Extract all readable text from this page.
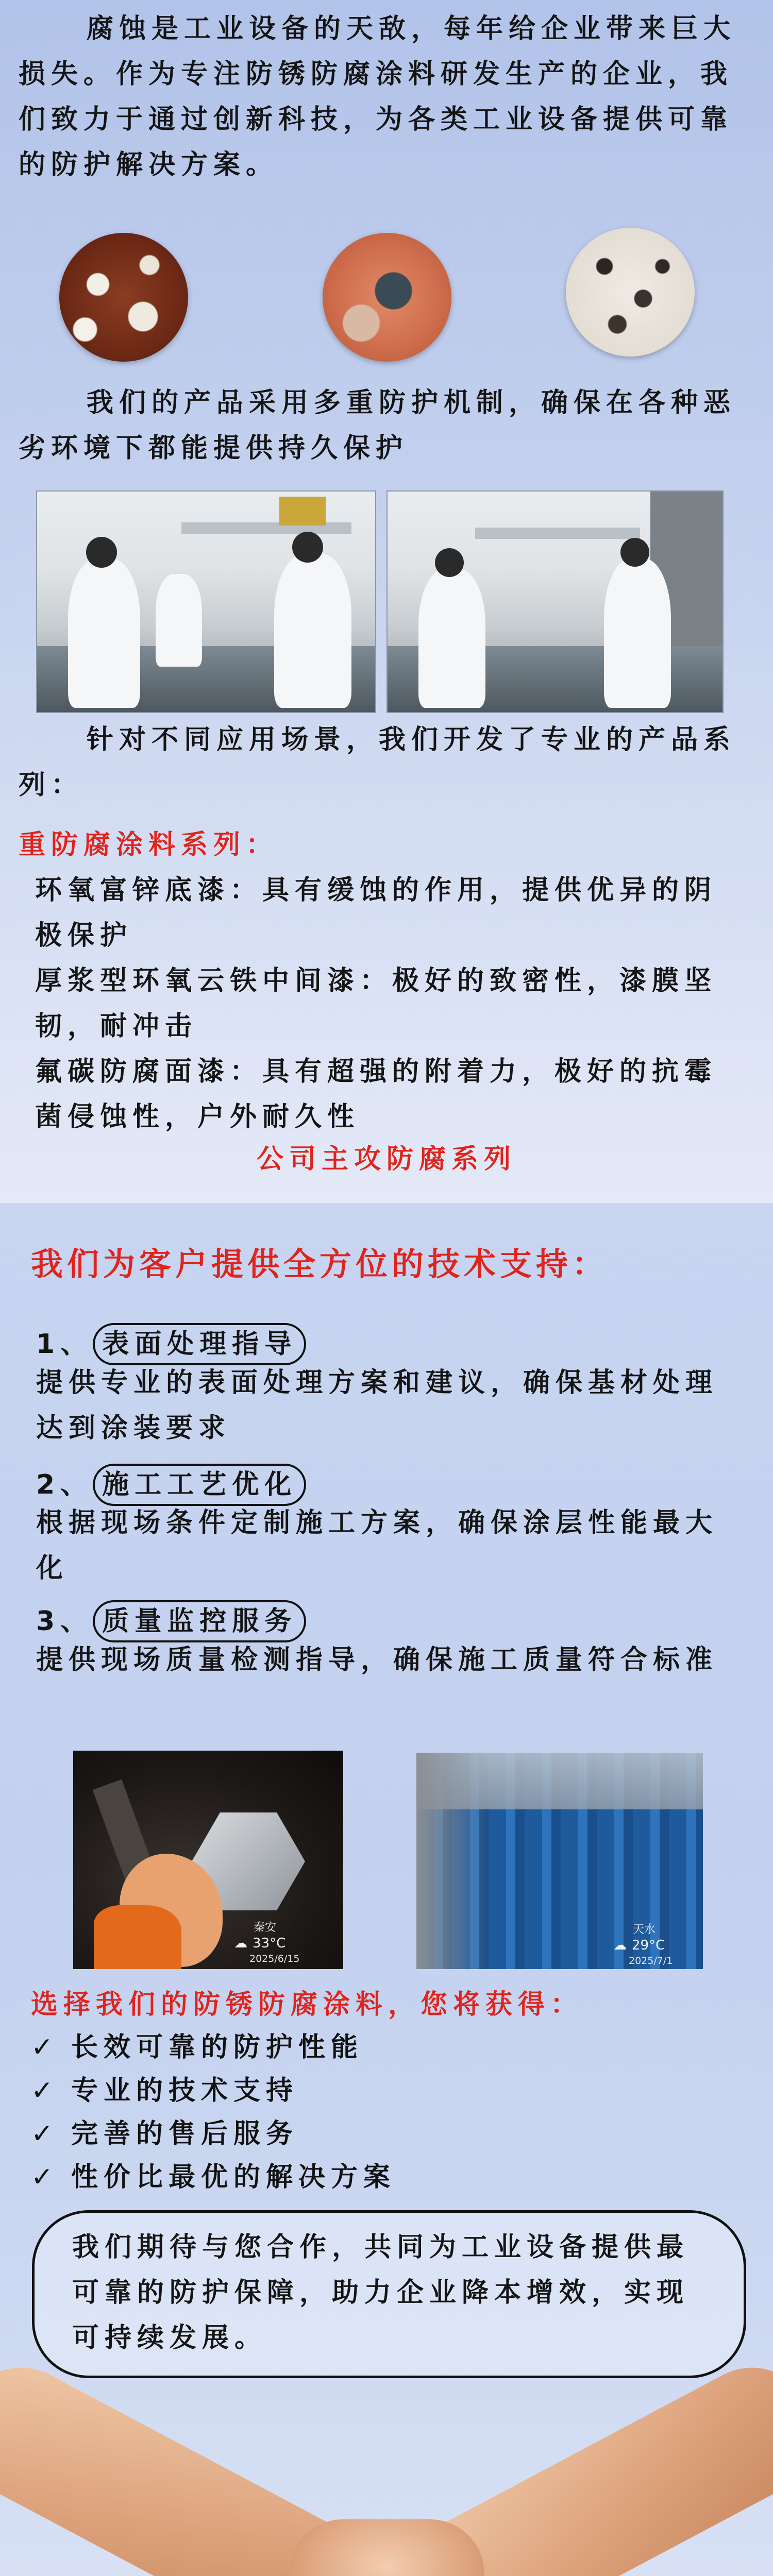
腐蚀是工业设备的天敌，每年给企业带来巨大损失。作为专注防锈防腐涂料研发生产的企业，我们致力于通过创新科技，为各类工业设备提供可靠的防护解决方案。

我们的产品采用多重防护机制，确保在各种恶劣环境下都能提供持久保护

针对不同应用场景，我们开发了专业的产品系列：

重防腐涂料系列：

环氧富锌底漆：具有缓蚀的作用，提供优异的阴极保护

厚浆型环氧云铁中间漆：极好的致密性，漆膜坚韧，耐冲击

氟碳防腐面漆：具有超强的附着力，极好的抗霉菌侵蚀性，户外耐久性

公司主攻防腐系列

我们为客户提供全方位的技术支持：

1、 表面处理指导

提供专业的表面处理方案和建议，确保基材处理达到涂装要求

2、 施工工艺优化

根据现场条件定制施工方案，确保涂层性能最大化

3、 质量监控服务

提供现场质量检测指导，确保施工质量符合标准

秦安
☁ 33°C
2025/6/15
天水
☁ 29°C
2025/7/1

选择我们的防锈防腐涂料，您将获得：

✓ 长效可靠的防护性能
✓ 专业的技术支持
✓ 完善的售后服务
✓ 性价比最优的解决方案

我们期待与您合作，共同为工业设备提供最可靠的防护保障，助力企业降本增效，实现可持续发展。
